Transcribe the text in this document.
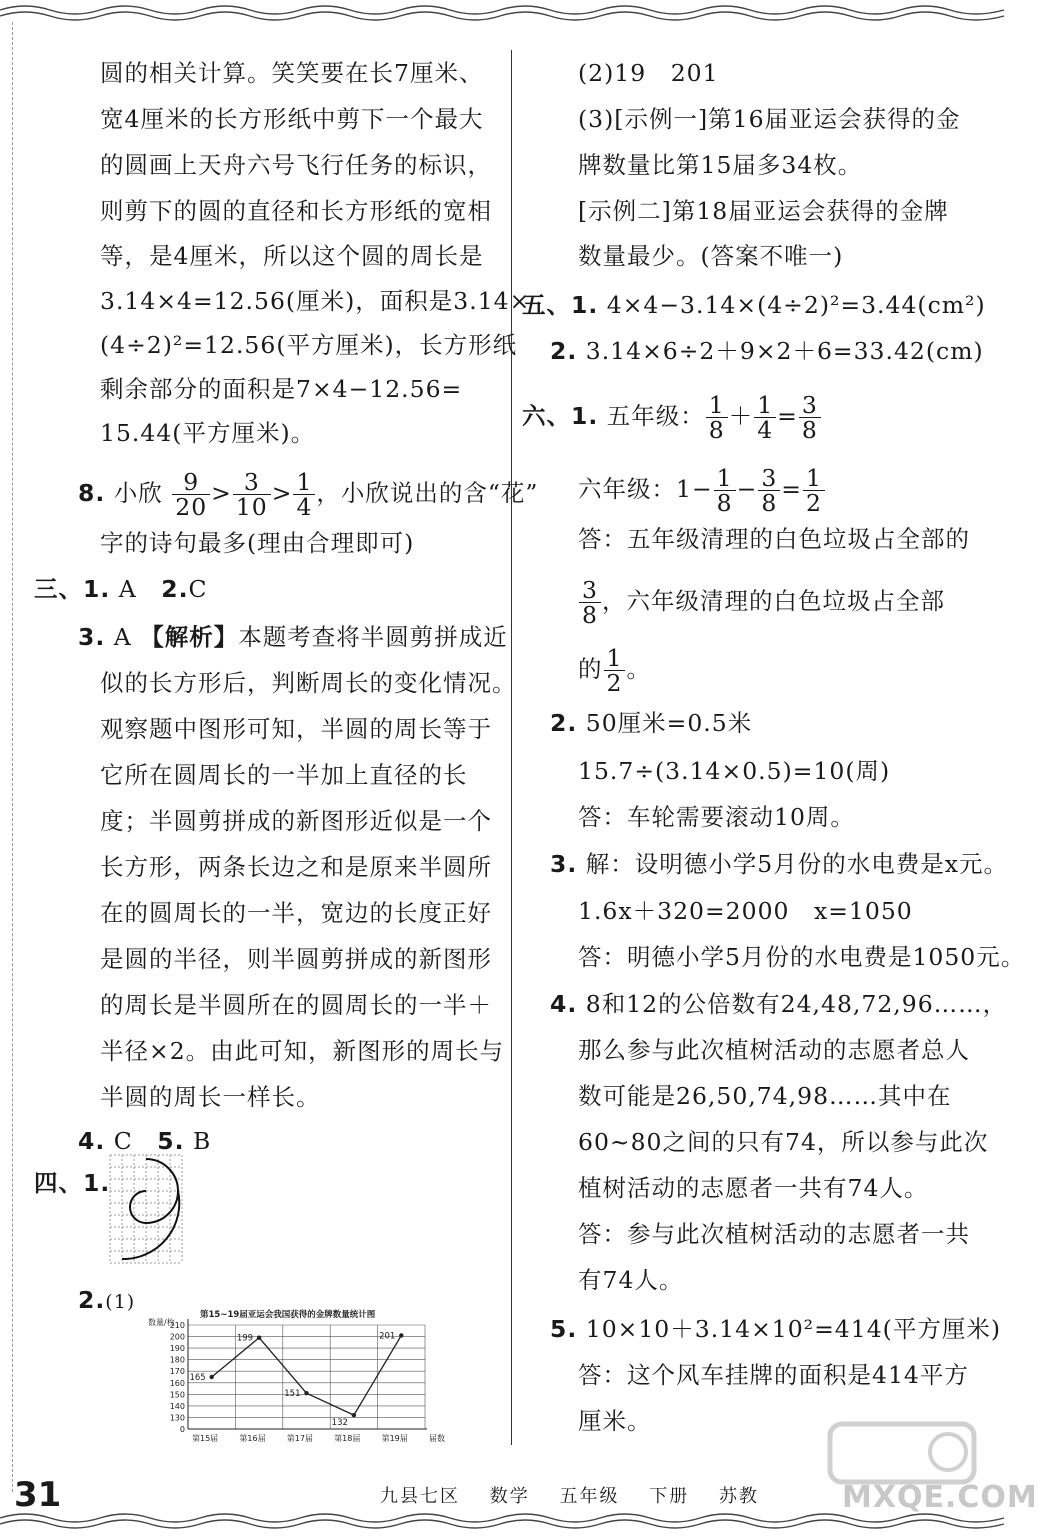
圆的相关计算。笑笑要在长7厘米、
宽4厘米的长方形纸中剪下一个最大
的圆画上天舟六号飞行任务的标识，
则剪下的圆的直径和长方形纸的宽相
等，是4厘米，所以这个圆的周长是
3.14×4=12.56(厘米)，面积是3.14×
(4÷2)²=12.56(平方厘米)，长方形纸
剩余部分的面积是7×4−12.56=
15.44(平方厘米)。
8. 小欣 $\frac{9}{20} > \frac{3}{10} > \frac{1}{4}$ ，小欣说出的含“花”
字的诗句最多(理由合理即可)
三、1. A　 2.C
3. A 【解析】本题考查将半圆剪拼成近
似的长方形后，判断周长的变化情况。
观察题中图形可知，半圆的周长等于
它所在圆周长的一半加上直径的长
度；半圆剪拼成的新图形近似是一个
长方形，两条长边之和是原来半圆所
在的圆周长的一半，宽边的长度正好
是圆的半径，则半圆剪拼成的新图形
的周长是半圆所在的圆周长的一半＋
半径×2。由此可知，新图形的周长与
半圆的周长一样长。
4. C　 5. B
四、1.
2.(1)
第15~19届亚运会我国获得的金牌数量统计图
数量/枚
届数
0
130
140
150
160
170
180
190
200
210
第15届	第16届	第17届	第18届	第19届
165
199
151
132
201
(2)19　201
(3)[示例一]第16届亚运会获得的金
牌数量比第15届多34枚。
[示例二]第18届亚运会获得的金牌
数量最少。(答案不唯一)
五、1. 4×4−3.14×(4÷2)²=3.44(cm²)
2. 3.14×6÷2＋9×2＋6=33.42(cm)
六、1. 五年级： $\frac{1}{8} + \frac{1}{4} = \frac{3}{8}$
六年级：$1- \frac{1}{8} - \frac{3}{8} = \frac{1}{2}$
答：五年级清理的白色垃圾占全部的
$\frac{3}{8}$ ，六年级清理的白色垃圾占全部
的 $\frac{1}{2}$ 。
2. 50厘米=0.5米
15.7÷(3.14×0.5)=10(周)
答：车轮需要滚动10周。
3. 解：设明德小学5月份的水电费是x元。
1.6x＋320=2000　x=1050
答：明德小学5月份的水电费是1050元。
4. 8和12的公倍数有24,48,72,96……，
那么参与此次植树活动的志愿者总人
数可能是26,50,74,98……其中在
60~80之间的只有74，所以参与此次
植树活动的志愿者一共有74人。
答：参与此次植树活动的志愿者一共
有74人。
5. 10×10＋3.14×10²=414(平方厘米)
答：这个风车挂牌的面积是414平方
厘米。
31	九县七区 数学 五年级 下册 苏教	MXQE.COM
